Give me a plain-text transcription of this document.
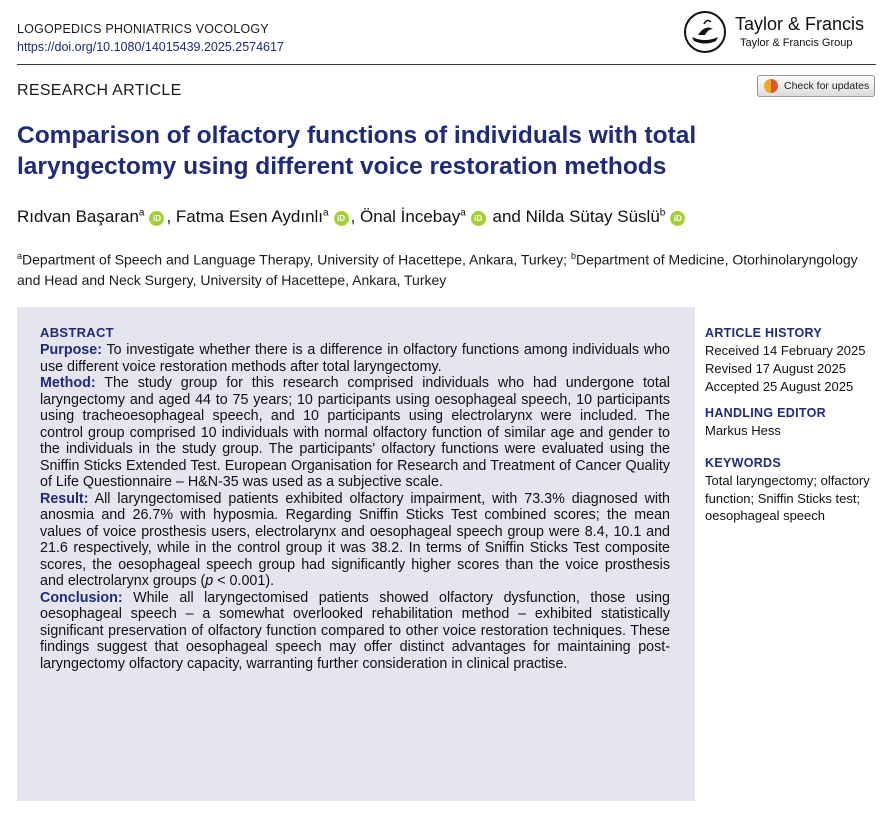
LOGOPEDICS PHONIATRICS VOCOLOGY
https://doi.org/10.1080/14015439.2025.2574617
Taylor & Francis
Taylor & Francis Group
RESEARCH ARTICLE	Check for updates
Comparison of olfactory functions of individuals with total laryngectomy using different voice restoration methods
Rıdvan Başaran$^a$iD , Fatma Esen Aydınlı$^a$iD , Önal İncebay$^a$iD and Nilda Sütay Süslü$^b$iD
$^a$Department of Speech and Language Therapy, University of Hacettepe, Ankara, Turkey; $^b$Department of Medicine, Otorhinolaryngology and Head and Neck Surgery, University of Hacettepe, Ankara, Turkey
ABSTRACT

Purpose: To investigate whether there is a difference in olfactory functions among individuals who use different voice restoration methods after total laryngectomy.

Method: The study group for this research comprised individuals who had undergone total laryngectomy and aged 44 to 75 years; 10 participants using oesophageal speech, 10 participants using tracheoesophageal speech, and 10 participants using electrolarynx were included. The control group comprised 10 individuals with normal olfactory function of similar age and gender to the individuals in the study group. The participants' olfactory functions were evaluated using the Sniffin Sticks Extended Test. European Organisation for Research and Treatment of Cancer Quality of Life Questionnaire – H&N-35 was used as a subjective scale.

Result: All laryngectomised patients exhibited olfactory impairment, with 73.3% diagnosed with anosmia and 26.7% with hyposmia. Regarding Sniffin Sticks Test combined scores; the mean values of voice prosthesis users, electrolarynx and oesophageal speech group were 8.4, 10.1 and 21.6 respectively, while in the control group it was 38.2. In terms of Sniffin Sticks Test composite scores, the oesophageal speech group had significantly higher scores than the voice prosthesis and electrolarynx groups (p < 0.001).

Conclusion: While all laryngectomised patients showed olfactory dysfunction, those using oesophageal speech – a somewhat overlooked rehabilitation method – exhibited statistically significant preservation of olfactory function compared to other voice restoration techniques. These findings suggest that oesophageal speech may offer distinct advantages for maintaining post-laryngectomy olfactory capacity, warranting further consideration in clinical practise.

ARTICLE HISTORY
Received 14 February 2025
Revised 17 August 2025
Accepted 25 August 2025
HANDLING EDITOR
Markus Hess
KEYWORDS
Total laryngectomy; olfactory function; Sniffin Sticks test; oesophageal speech
